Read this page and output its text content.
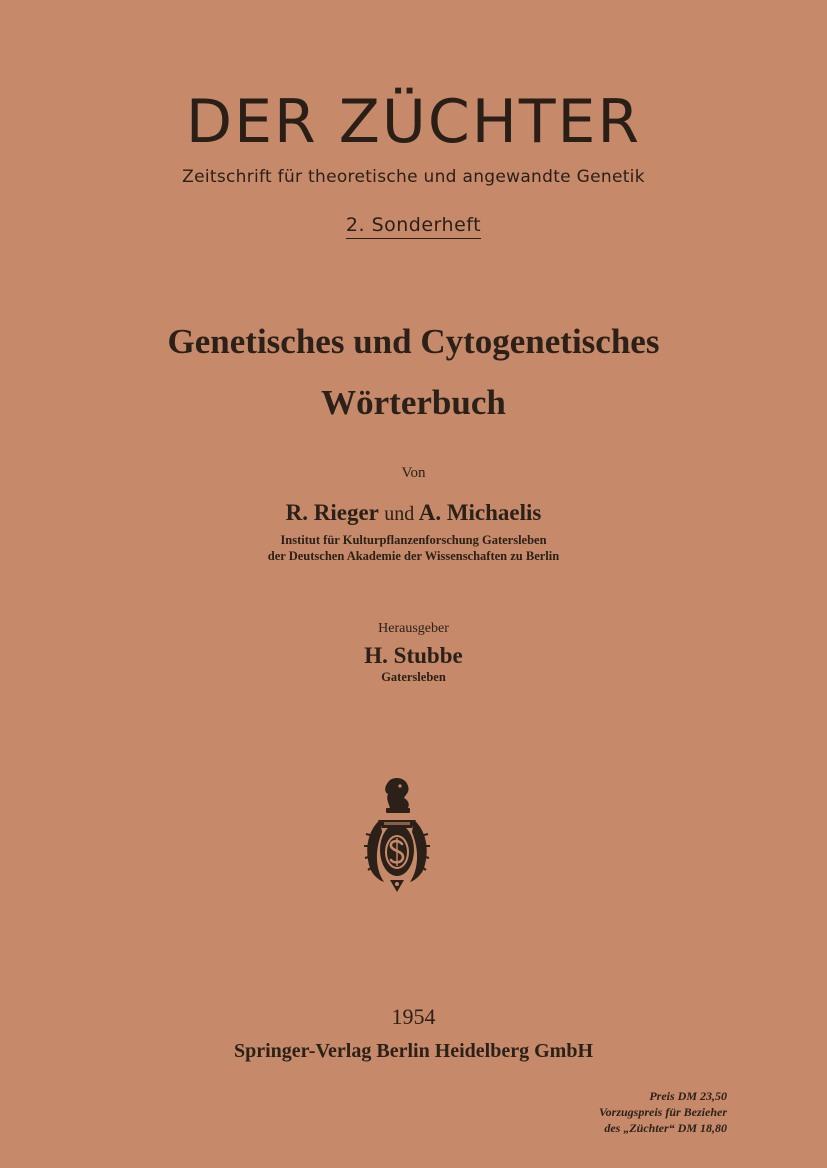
DER ZÜCHTER
Zeitschrift für theoretische und angewandte Genetik
2. Sonderheft
Genetisches und Cytogenetisches
Wörterbuch
Von
R. Rieger und A. Michaelis
Institut für Kulturpflanzenforschung Gatersleben
der Deutschen Akademie der Wissenschaften zu Berlin
Herausgeber
H. Stubbe
Gatersleben
1954
Springer-Verlag Berlin Heidelberg GmbH
Preis DM 23,50
Vorzugspreis für Bezieher
des „Züchter“ DM 18,80
